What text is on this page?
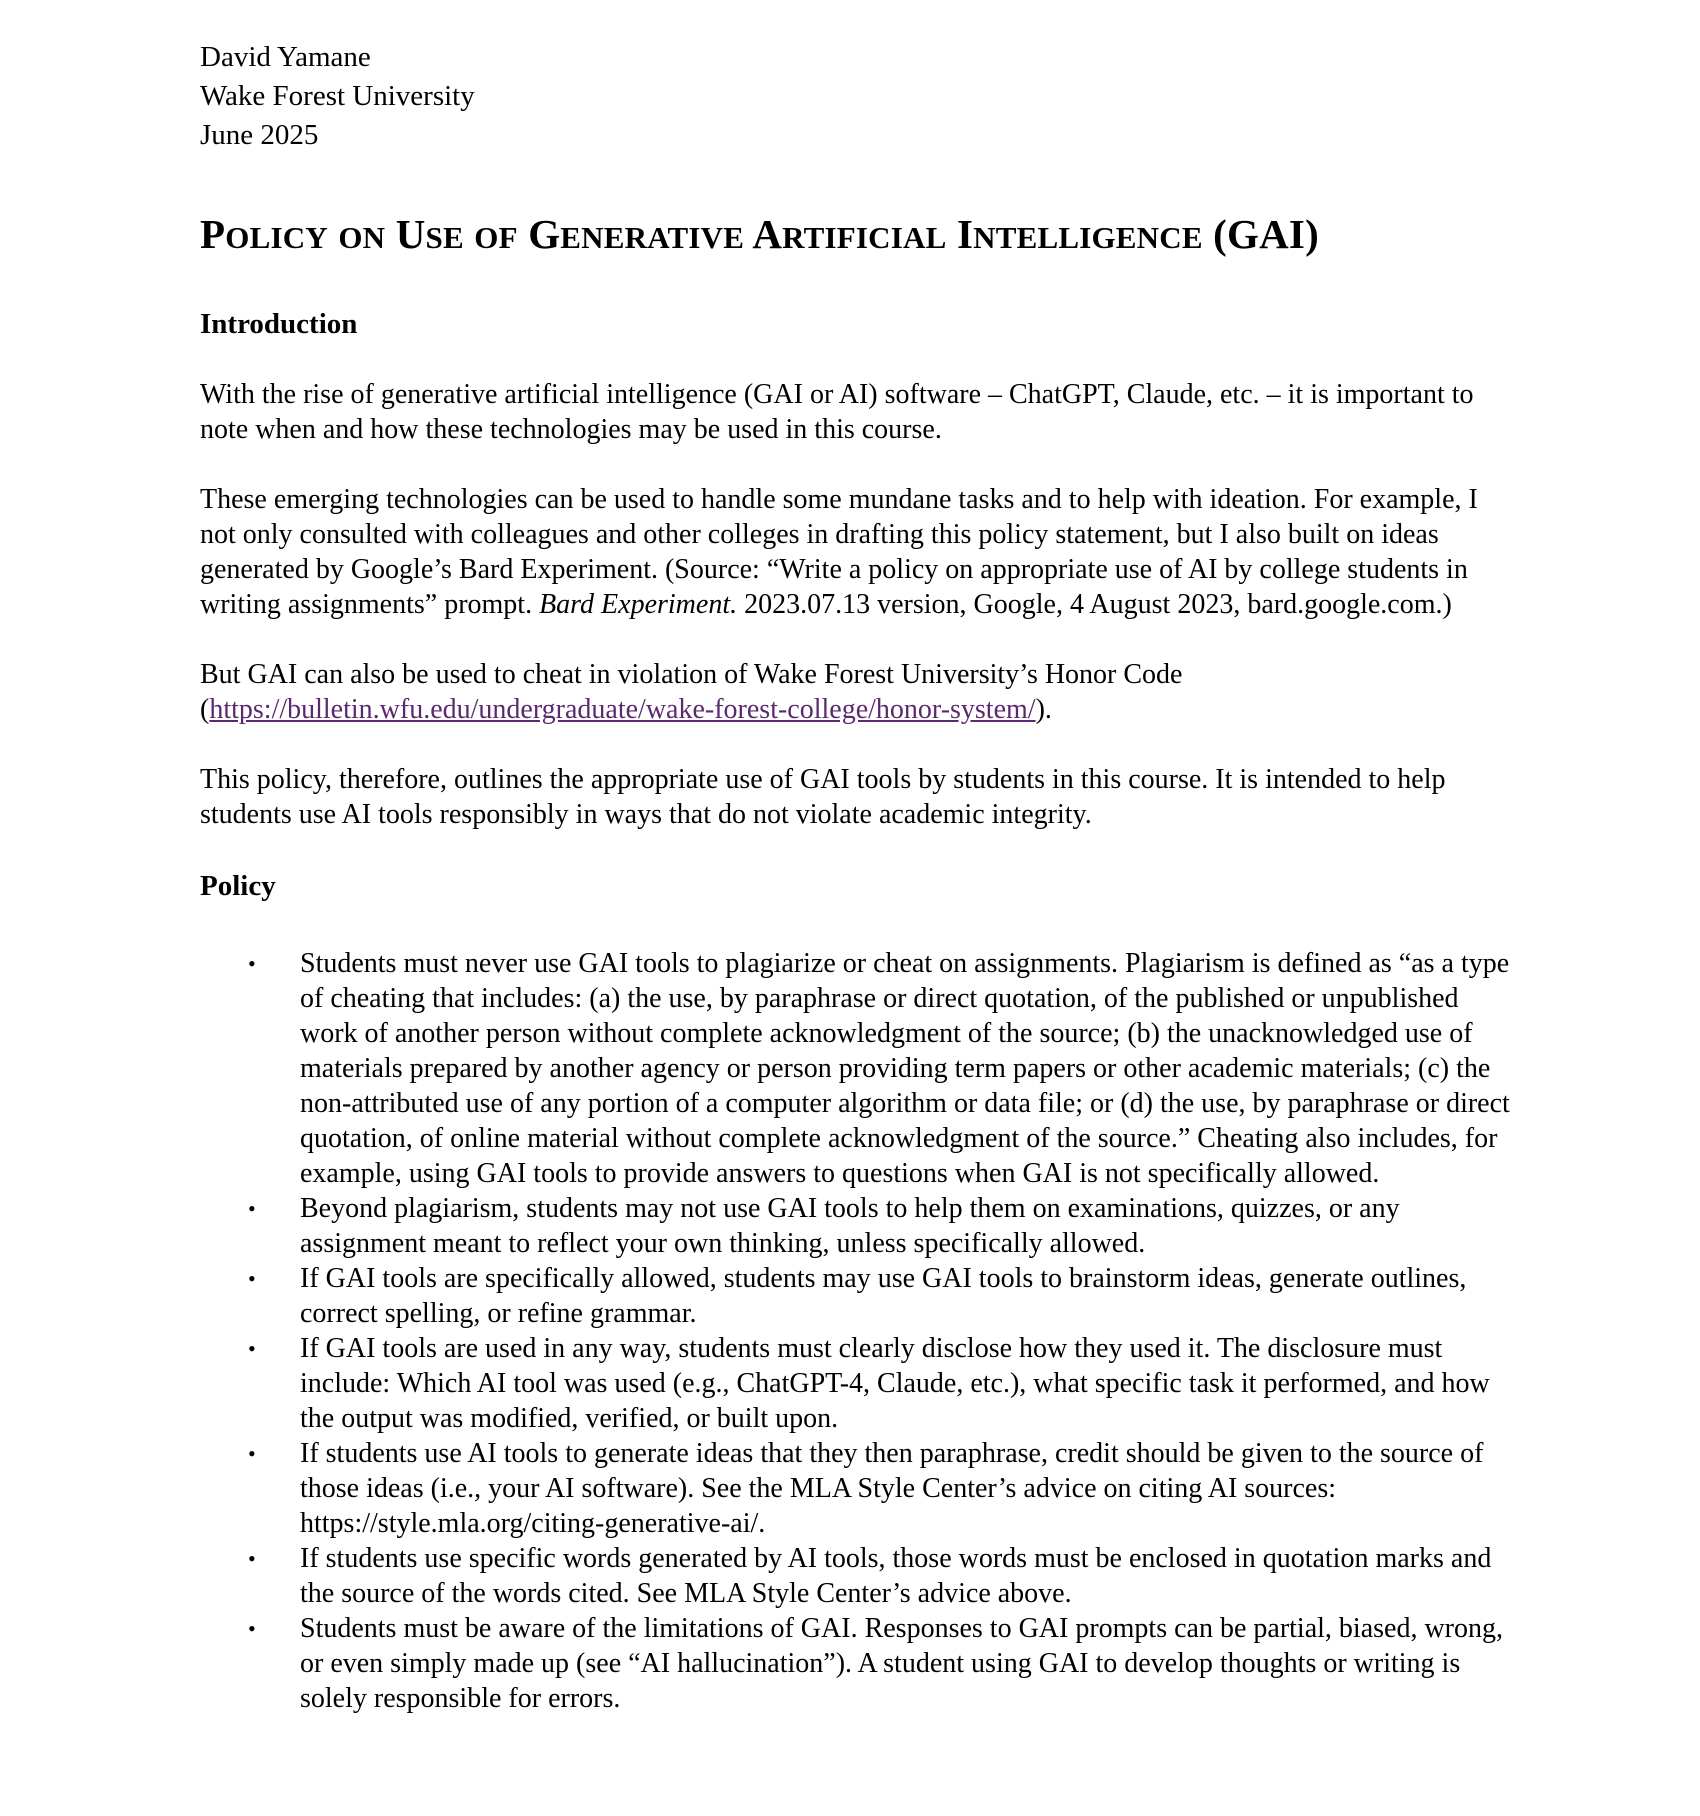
David Yamane
Wake Forest University
June 2025
POLICY ON USE OF GENERATIVE ARTIFICIAL INTELLIGENCE (GAI)
Introduction
With the rise of generative artificial intelligence (GAI or AI) software – ChatGPT, Claude, etc. – it is important to note when and how these technologies may be used in this course.
These emerging technologies can be used to handle some mundane tasks and to help with ideation. For example, I not only consulted with colleagues and other colleges in drafting this policy statement, but I also built on ideas generated by Google’s Bard Experiment. (Source: “Write a policy on appropriate use of AI by college students in writing assignments” prompt. Bard Experiment. 2023.07.13 version, Google, 4 August 2023, bard.google.com.)
But GAI can also be used to cheat in violation of Wake Forest University’s Honor Code (https://bulletin.wfu.edu/undergraduate/wake-forest-college/honor-system/).
This policy, therefore, outlines the appropriate use of GAI tools by students in this course. It is intended to help students use AI tools responsibly in ways that do not violate academic integrity.
Policy
• Students must never use GAI tools to plagiarize or cheat on assignments. Plagiarism is defined as “as a type of cheating that includes: (a) the use, by paraphrase or direct quotation, of the published or unpublished work of another person without complete acknowledgment of the source; (b) the unacknowledged use of materials prepared by another agency or person providing term papers or other academic materials; (c) the non-attributed use of any portion of a computer algorithm or data file; or (d) the use, by paraphrase or direct quotation, of online material without complete acknowledgment of the source.” Cheating also includes, for example, using GAI tools to provide answers to questions when GAI is not specifically allowed.
• Beyond plagiarism, students may not use GAI tools to help them on examinations, quizzes, or any assignment meant to reflect your own thinking, unless specifically allowed.
• If GAI tools are specifically allowed, students may use GAI tools to brainstorm ideas, generate outlines, correct spelling, or refine grammar.
• If GAI tools are used in any way, students must clearly disclose how they used it. The disclosure must include: Which AI tool was used (e.g., ChatGPT-4, Claude, etc.), what specific task it performed, and how the output was modified, verified, or built upon.
• If students use AI tools to generate ideas that they then paraphrase, credit should be given to the source of those ideas (i.e., your AI software). See the MLA Style Center’s advice on citing AI sources: https://style.mla.org/citing-generative-ai/.
• If students use specific words generated by AI tools, those words must be enclosed in quotation marks and the source of the words cited. See MLA Style Center’s advice above.
• Students must be aware of the limitations of GAI. Responses to GAI prompts can be partial, biased, wrong, or even simply made up (see “AI hallucination”). A student using GAI to develop thoughts or writing is solely responsible for errors.
